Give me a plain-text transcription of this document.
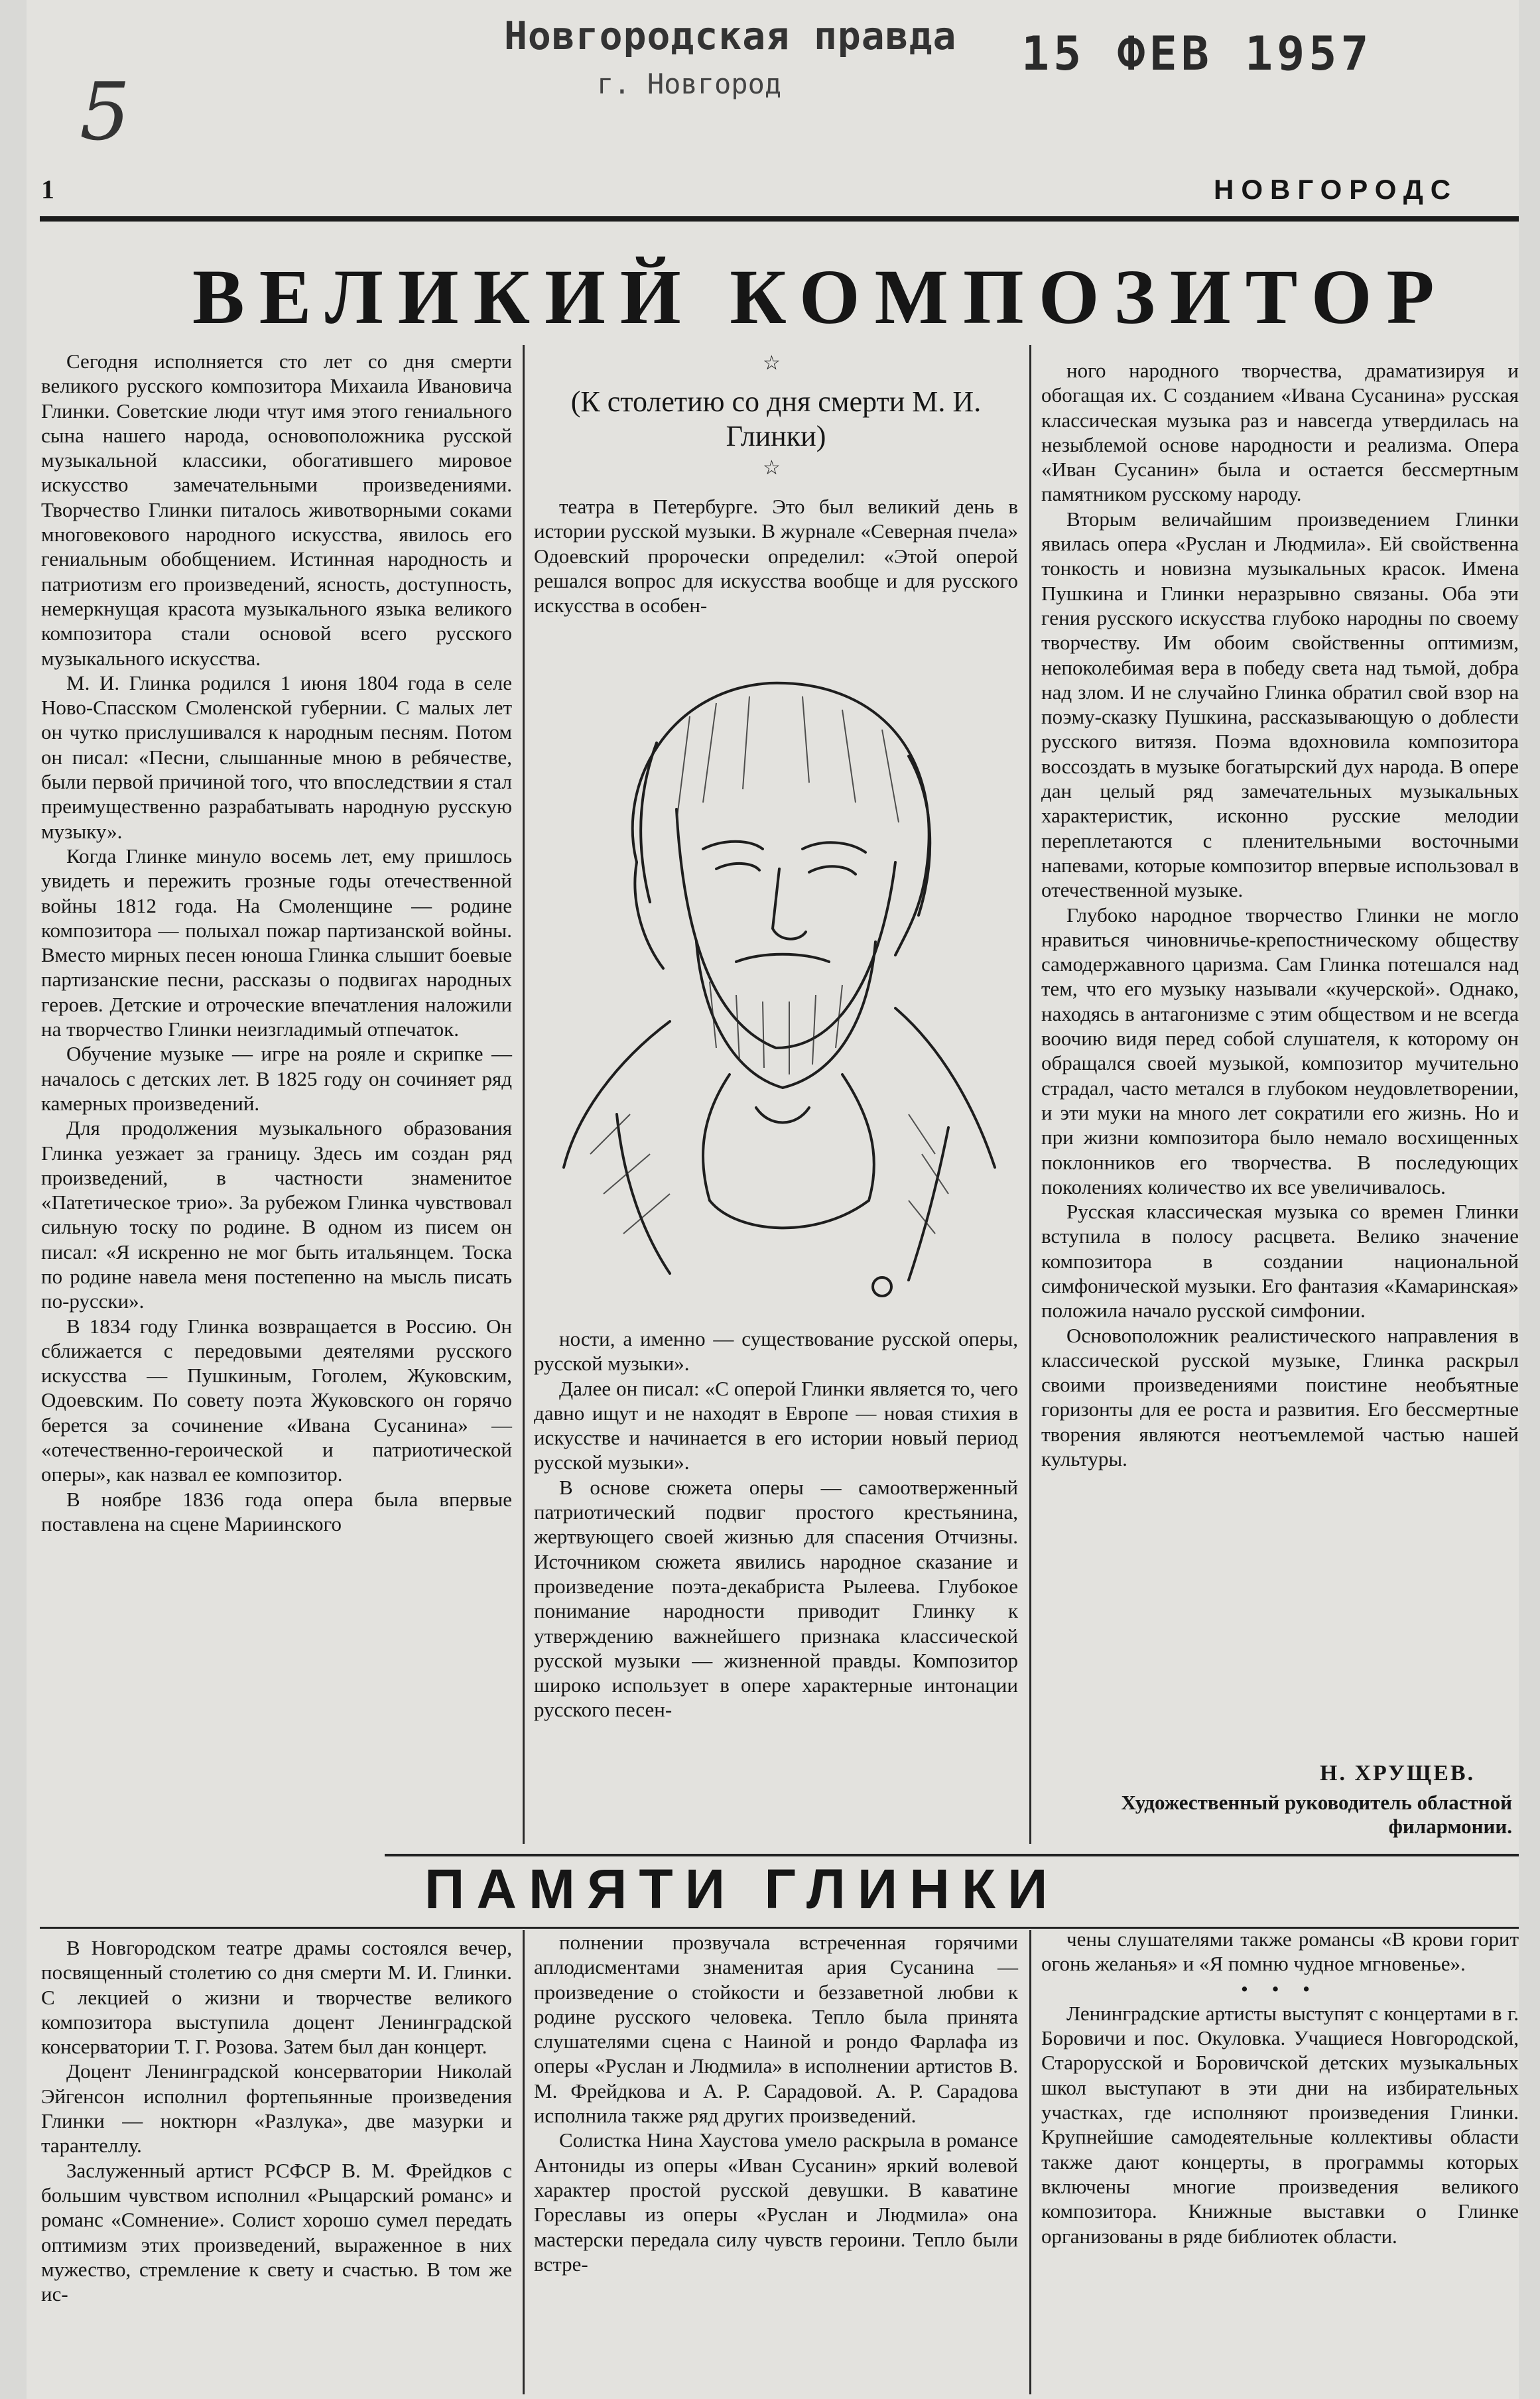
Новгородская правда
г. Новгород
15 ФЕВ 1957
5
1	НОВГОРОДС
ВЕЛИКИЙ КОМПОЗИТОР

Сегодня исполняется сто лет со дня смерти великого русского композитора Михаила Ивановича Глинки. Советские люди чтут имя этого гениального сына нашего народа, основоположника русской музыкальной классики, обогатившего мировое искусство замечательными произведениями. Творчество Глинки питалось животворными соками многовекового народного искусства, явилось его гениальным обобщением. Истинная народность и патриотизм его произведений, ясность, доступность, немеркнущая красота музыкального языка великого композитора стали основой всего русского музыкального искусства.

М. И. Глинка родился 1 июня 1804 года в селе Ново-Спасском Смоленской губернии. С малых лет он чутко прислушивался к народным песням. Потом он писал: «Песни, слышанные мною в ребячестве, были первой причиной того, что впоследствии я стал преимущественно разрабатывать народную русскую музыку».

Когда Глинке минуло восемь лет, ему пришлось увидеть и пережить грозные годы отечественной войны 1812 года. На Смоленщине — родине композитора — полыхал пожар партизанской войны. Вместо мирных песен юноша Глинка слышит боевые партизанские песни, рассказы о подвигах народных героев. Детские и отроческие впечатления наложили на творчество Глинки неизгладимый отпечаток.

Обучение музыке — игре на рояле и скрипке — началось с детских лет. В 1825 году он сочиняет ряд камерных произведений.

Для продолжения музыкального образования Глинка уезжает за границу. Здесь им создан ряд произведений, в частности знаменитое «Патетическое трио». За рубежом Глинка чувствовал сильную тоску по родине. В одном из писем он писал: «Я искренно не мог быть итальянцем. Тоска по родине навела меня постепенно на мысль писать по-русски».

В 1834 году Глинка возвращается в Россию. Он сближается с передовыми деятелями русского искусства — Пушкиным, Гоголем, Жуковским, Одоевским. По совету поэта Жуковского он горячо берется за сочинение «Ивана Сусанина» — «отечественно-героической и патриотической оперы», как назвал ее композитор.

В ноябре 1836 года опера была впервые поставлена на сцене Мариинского

☆
(К столетию со дня смерти М. И. Глинки)
☆

театра в Петербурге. Это был великий день в истории русской музыки. В журнале «Северная пчела» Одоевский пророчески определил: «Этой оперой решался вопрос для искусства вообще и для русского искусства в особен-

ности, а именно — существование русской оперы, русской музыки».

Далее он писал: «С оперой Глинки является то, чего давно ищут и не находят в Европе — новая стихия в искусстве и начинается в его истории новый период русской музыки».

В основе сюжета оперы — самоотверженный патриотический подвиг простого крестьянина, жертвующего своей жизнью для спасения Отчизны. Источником сюжета явились народное сказание и произведение поэта-декабриста Рылеева. Глубокое понимание народности приводит Глинку к утверждению важнейшего признака классической русской музыки — жизненной правды. Композитор широко использует в опере характерные интонации русского песен-

ного народного творчества, драматизируя и обогащая их. С созданием «Ивана Сусанина» русская классическая музыка раз и навсегда утвердилась на незыблемой основе народности и реализма. Опера «Иван Сусанин» была и остается бессмертным памятником русскому народу.

Вторым величайшим произведением Глинки явилась опера «Руслан и Людмила». Ей свойственна тонкость и новизна музыкальных красок. Имена Пушкина и Глинки неразрывно связаны. Оба эти гения русского искусства глубоко народны по своему творчеству. Им обоим свойственны оптимизм, непоколебимая вера в победу света над тьмой, добра над злом. И не случайно Глинка обратил свой взор на поэму-сказку Пушкина, рассказывающую о доблести русского витязя. Поэма вдохновила композитора воссоздать в музыке богатырский дух народа. В опере дан целый ряд замечательных музыкальных характеристик, исконно русские мелодии переплетаются с пленительными восточными напевами, которые композитор впервые использовал в отечественной музыке.

Глубоко народное творчество Глинки не могло нравиться чиновничье-крепостническому обществу самодержавного царизма. Сам Глинка потешался над тем, что его музыку называли «кучерской». Однако, находясь в антагонизме с этим обществом и не всегда воочию видя перед собой слушателя, к которому он обращался своей музыкой, композитор мучительно страдал, часто метался в глубоком неудовлетворении, и эти муки на много лет сократили его жизнь. Но и при жизни композитора было немало восхищенных поклонников его творчества. В последующих поколениях количество их все увеличивалось.

Русская классическая музыка со времен Глинки вступила в полосу расцвета. Велико значение композитора в создании национальной симфонической музыки. Его фантазия «Камаринская» положила начало русской симфонии.

Основоположник реалистического направления в классической русской музыке, Глинка раскрыл своими произведениями поистине необъятные горизонты для ее роста и развития. Его бессмертные творения являются неотъемлемой частью нашей культуры.

Н. ХРУЩЕВ.
Художественный руководитель областной филармонии.
ПАМЯТИ ГЛИНКИ

В Новгородском театре драмы состоялся вечер, посвященный столетию со дня смерти М. И. Глинки. С лекцией о жизни и творчестве великого композитора выступила доцент Ленинградской консерватории Т. Г. Розова. Затем был дан концерт.

Доцент Ленинградской консерватории Николай Эйгенсон исполнил фортепьянные произведения Глинки — ноктюрн «Разлука», две мазурки и тарантеллу.

Заслуженный артист РСФСР В. М. Фрейдков с большим чувством исполнил «Рыцарский романс» и романс «Сомнение». Солист хорошо сумел передать оптимизм этих произведений, выраженное в них мужество, стремление к свету и счастью. В том же ис-

полнении прозвучала встреченная горячими аплодисментами знаменитая ария Сусанина — произведение о стойкости и беззаветной любви к родине русского человека. Тепло была принята слушателями сцена с Наиной и рондо Фарлафа из оперы «Руслан и Людмила» в исполнении артистов В. М. Фрейдкова и А. Р. Сарадовой. А. Р. Сарадова исполнила также ряд других произведений.

Солистка Нина Хаустова умело раскрыла в романсе Антониды из оперы «Иван Сусанин» яркий волевой характер простой русской девушки. В каватине Гореславы из оперы «Руслан и Людмила» она мастерски передала силу чувств героини. Тепло были встре-

чены слушателями также романсы «В крови горит огонь желанья» и «Я помню чудное мгновенье».

• • •

Ленинградские артисты выступят с концертами в г. Боровичи и пос. Окуловка. Учащиеся Новгородской, Старорусской и Боровичской детских музыкальных школ выступают в эти дни на избирательных участках, где исполняют произведения Глинки. Крупнейшие самодеятельные коллективы области также дают концерты, в программы которых включены многие произведения великого композитора. Книжные выставки о Глинке организованы в ряде библиотек области.
